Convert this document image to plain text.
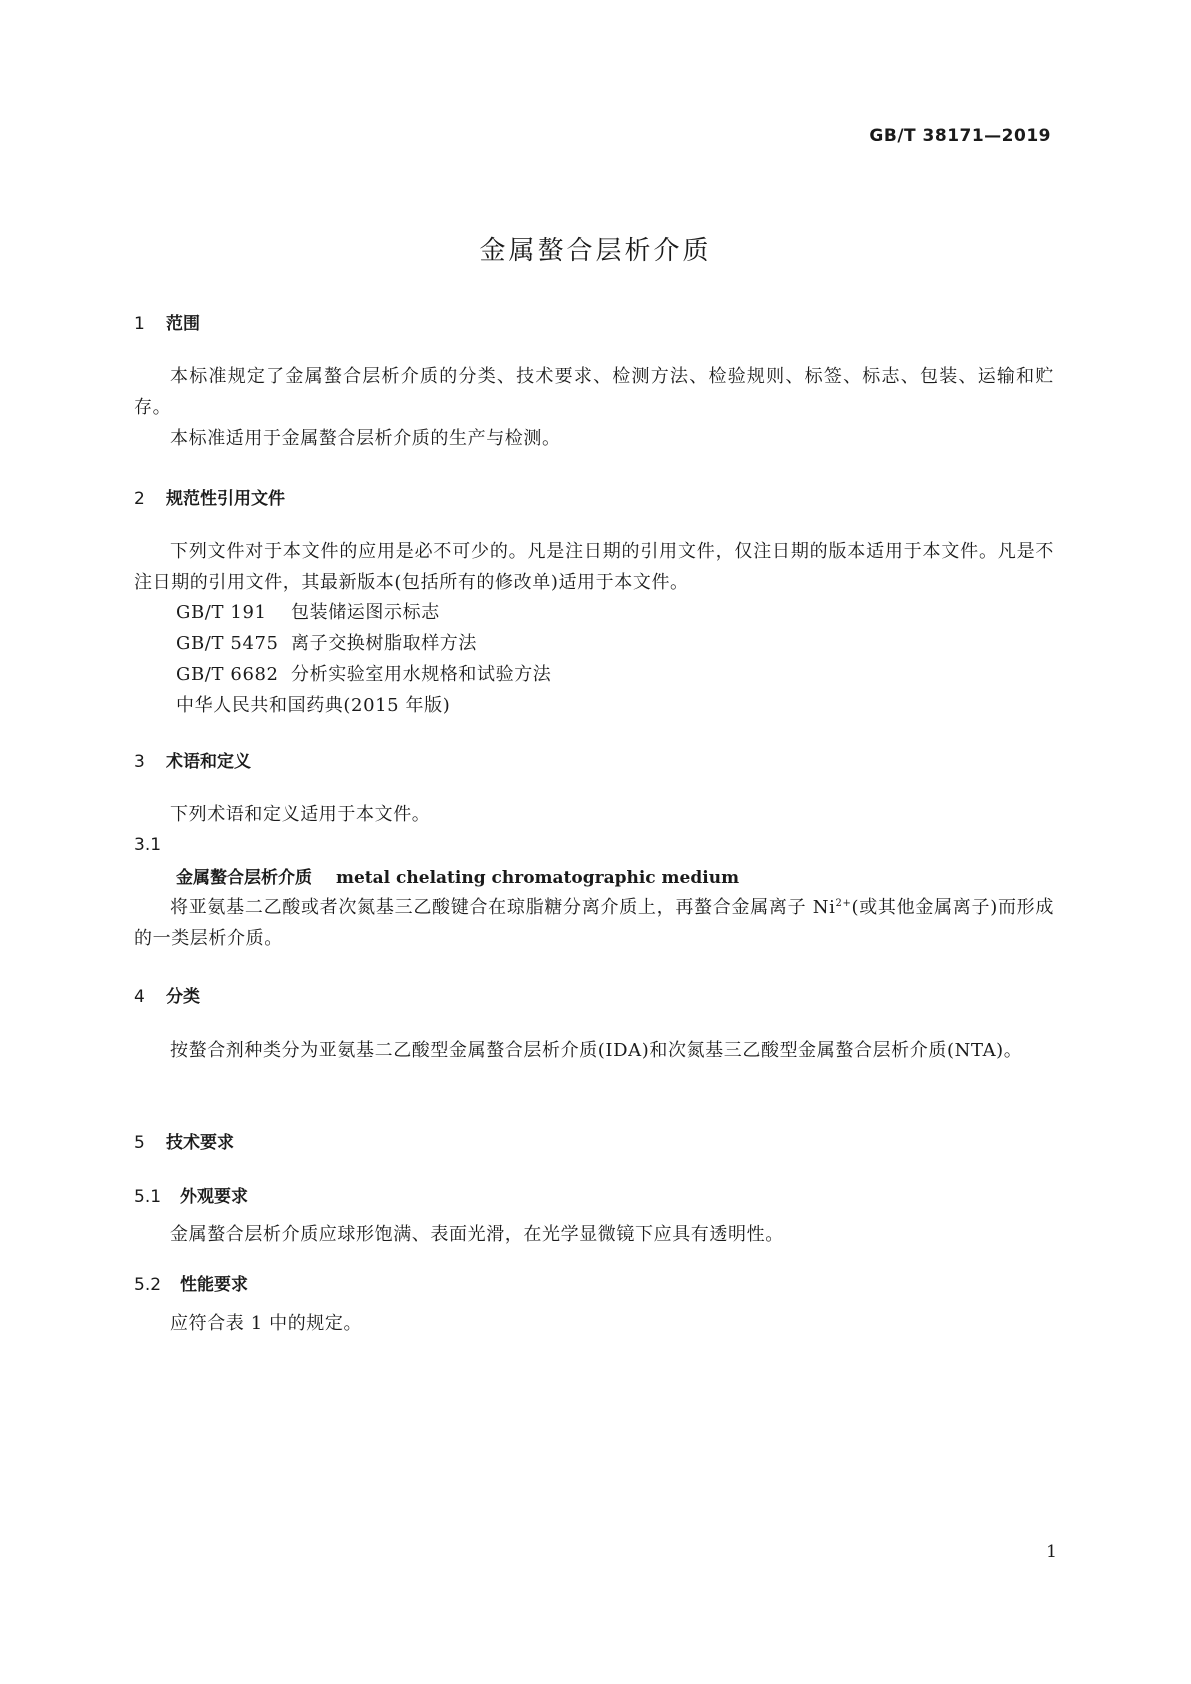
GB/T 38171—2019
金属螯合层析介质
1 范围
本标准规定了金属螯合层析介质的分类、技术要求、检测方法、检验规则、标签、标志、包装、运输和贮存。
本标准适用于金属螯合层析介质的生产与检测。
2 规范性引用文件
下列文件对于本文件的应用是必不可少的。凡是注日期的引用文件，仅注日期的版本适用于本文件。凡是不注日期的引用文件，其最新版本(包括所有的修改单)适用于本文件。
GB/T 191 包装储运图示标志
GB/T 5475 离子交换树脂取样方法
GB/T 6682 分析实验室用水规格和试验方法
中华人民共和国药典(2015 年版)
3 术语和定义
下列术语和定义适用于本文件。
3.1
金属螯合层析介质 metal chelating chromatographic medium
将亚氨基二乙酸或者次氮基三乙酸键合在琼脂糖分离介质上，再螯合金属离子 $Ni^{2+}$(或其他金属离子)而形成的一类层析介质。
4 分类
按螯合剂种类分为亚氨基二乙酸型金属螯合层析介质(IDA)和次氮基三乙酸型金属螯合层析介质(NTA)。
5 技术要求
5.1 外观要求
金属螯合层析介质应球形饱满、表面光滑，在光学显微镜下应具有透明性。
5.2 性能要求
应符合表 1 中的规定。
1
